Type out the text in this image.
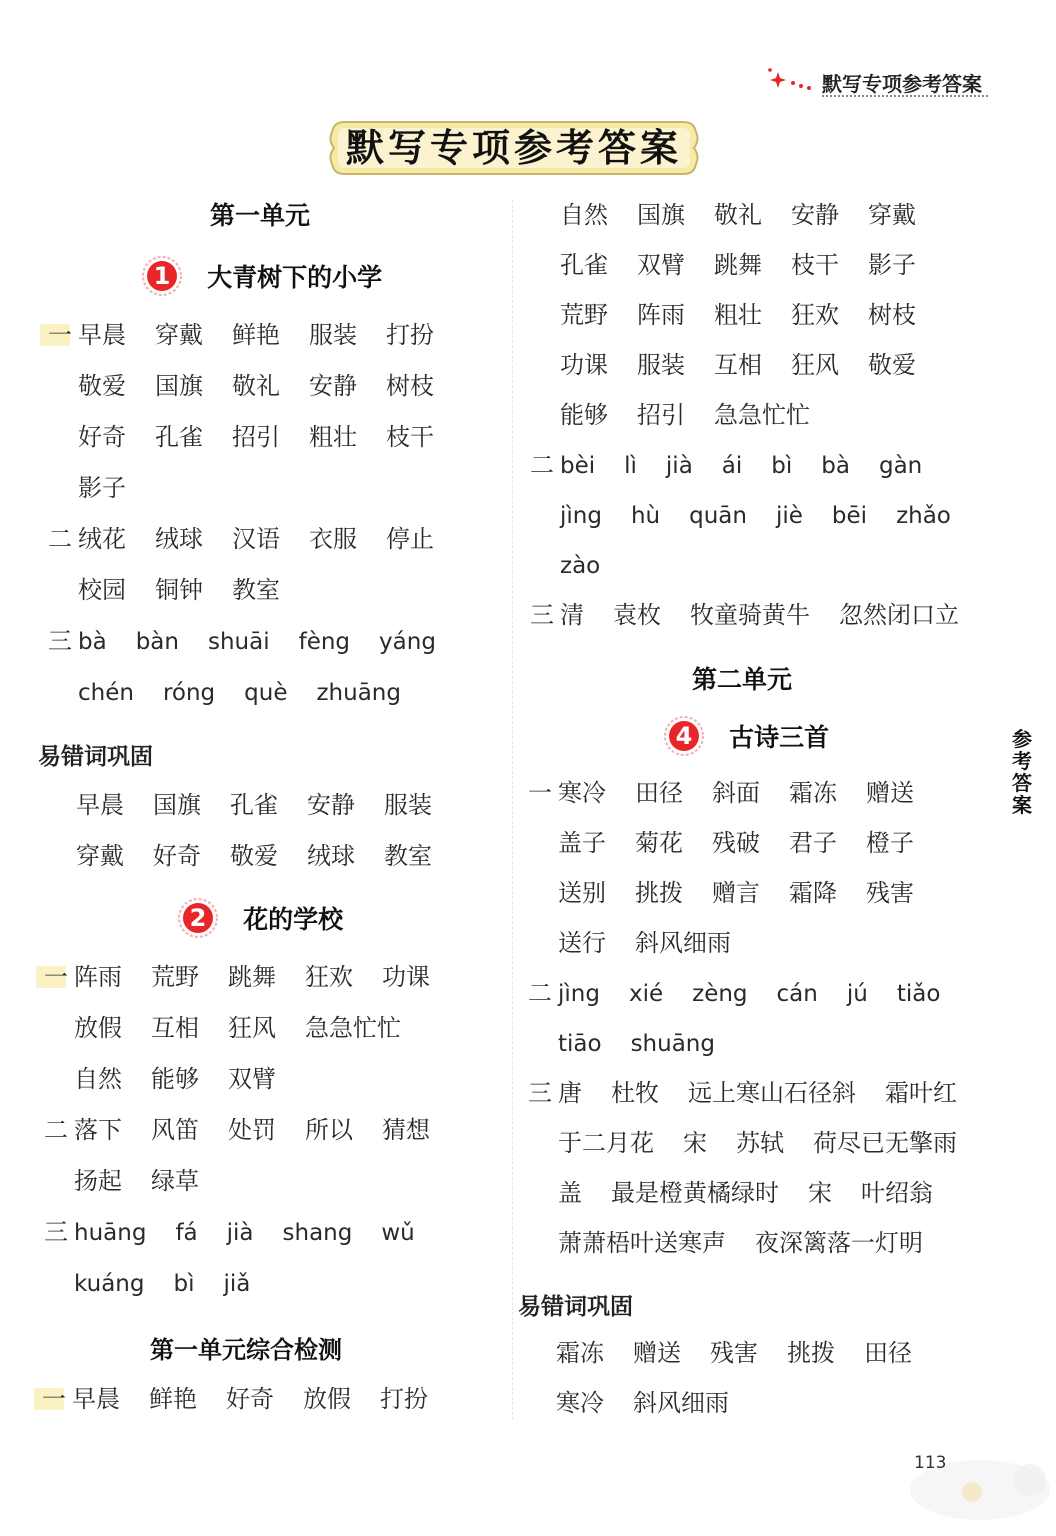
默写专项参考答案
默写专项参考答案
第一单元
1	大青树下的小学
一 早晨 穿戴 鲜艳 服装 打扮
敬爱 国旗 敬礼 安静 树枝
好奇 孔雀 招引 粗壮 枝干
影子
二 绒花 绒球 汉语 衣服 停止
校园 铜钟 教室
三 bà bàn shuāi fèng yáng
chén róng què zhuāng
易错词巩固
早晨 国旗 孔雀 安静 服装
穿戴 好奇 敬爱 绒球 教室
2	花的学校
一 阵雨 荒野 跳舞 狂欢 功课
放假 互相 狂风 急急忙忙
自然 能够 双臂
二 落下 风笛 处罚 所以 猜想
扬起 绿草
三 huāng fá jià shang wǔ
kuáng bì jiǎ
第一单元综合检测
一 早晨 鲜艳 好奇 放假 打扮
自然 国旗 敬礼 安静 穿戴
孔雀 双臂 跳舞 枝干 影子
荒野 阵雨 粗壮 狂欢 树枝
功课 服装 互相 狂风 敬爱
能够 招引 急急忙忙
二 bèi lì jià ái bì bà gàn
jìng hù quān jiè bēi zhǎo
zào
三 清 袁枚 牧童骑黄牛 忽然闭口立
第二单元
4	古诗三首
一 寒冷 田径 斜面 霜冻 赠送
盖子 菊花 残破 君子 橙子
送别 挑拨 赠言 霜降 残害
送行 斜风细雨
二 jìng xié zèng cán jú tiǎo
tiāo shuāng
三 唐 杜牧 远上寒山石径斜 霜叶红
于二月花 宋 苏轼 荷尽已无擎雨
盖 最是橙黄橘绿时 宋 叶绍翁
萧萧梧叶送寒声 夜深篱落一灯明
易错词巩固
霜冻 赠送 残害 挑拨 田径
寒冷 斜风细雨
参
考
答
案
113
